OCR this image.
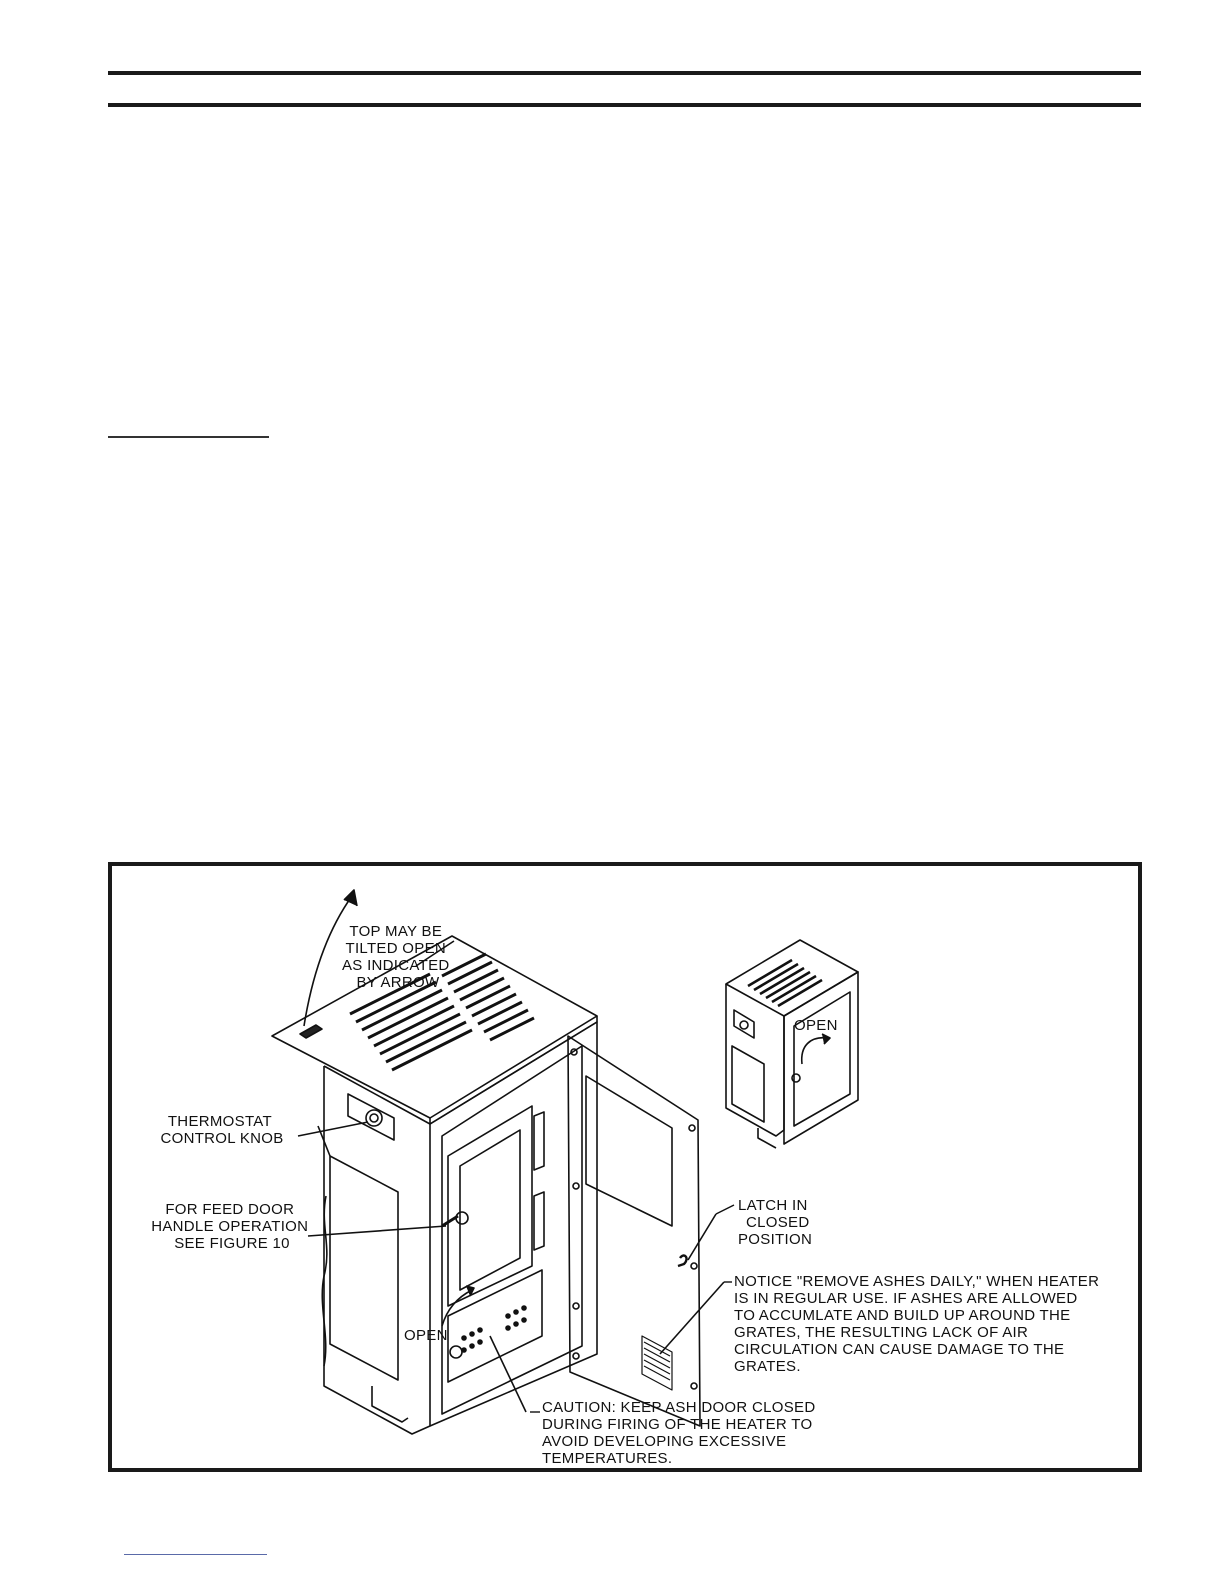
TOP MAY BE TILTED OPEN AS INDICATED BY ARROW
THERMOSTAT CONTROL KNOB
FOR FEED DOOR HANDLE OPERATION SEE FIGURE 10
OPEN
OPEN
LATCH IN CLOSED POSITION
NOTICE "REMOVE ASHES DAILY," WHEN HEATER IS IN REGULAR USE. IF ASHES ARE ALLOWED TO ACCUMLATE AND BUILD UP AROUND THE GRATES, THE RESULTING LACK OF AIR CIRCULATION CAN CAUSE DAMAGE TO THE GRATES.
CAUTION: KEEP ASH DOOR CLOSED DURING FIRING OF THE HEATER TO AVOID DEVELOPING EXCESSIVE TEMPERATURES.
